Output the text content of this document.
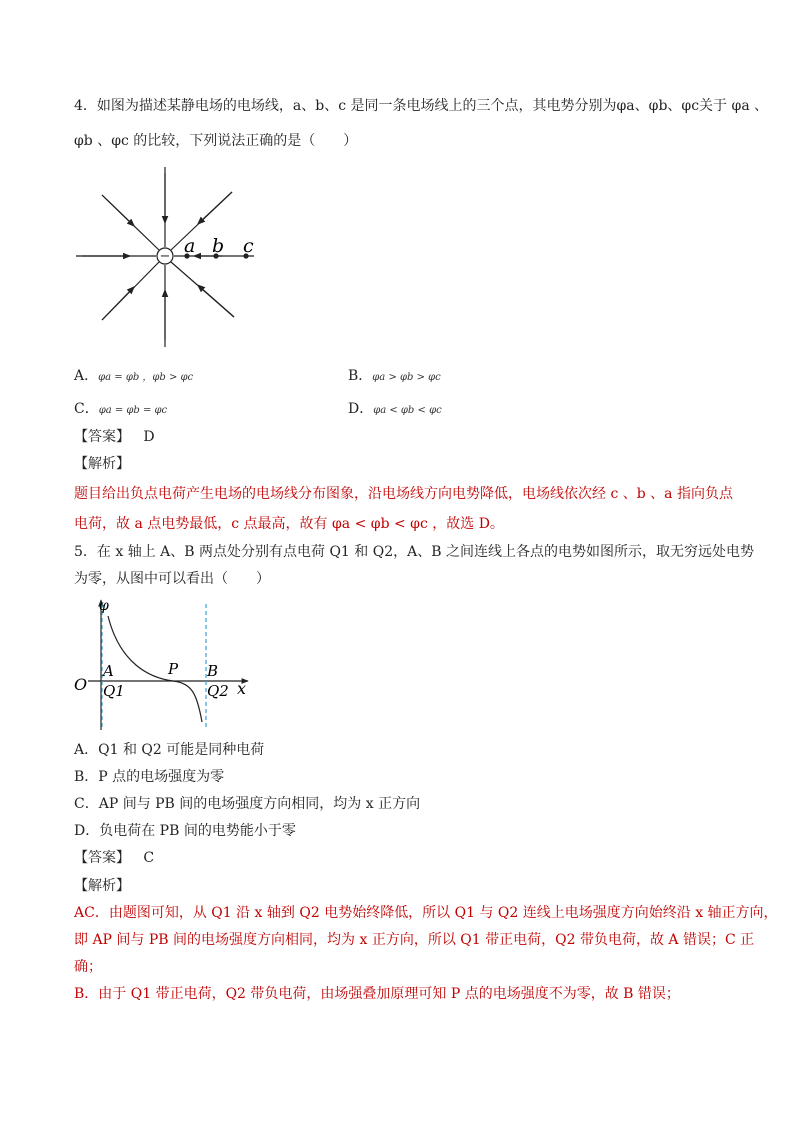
4．如图为描述某静电场的电场线，a、b、c 是同一条电场线上的三个点，其电势分别为φa、φb、φc关于 φa 、
φb 、φc 的比较，下列说法正确的是（　　）
− a b c
A．φa = φb ，φb > φc	B．φa > φb > φc
C．φa = φb = φc	D．φa < φb < φc
【答案】 D
【解析】
题目给出负点电荷产生电场的电场线分布图象，沿电场线方向电势降低，电场线依次经 c 、b 、a 指向负点
电荷，故 a 点电势最低，c 点最高，故有 φa < φb < φc ，故选 D。
5．在 x 轴上 A、B 两点处分别有点电荷 Q1 和 Q2，A、B 之间连线上各点的电势如图所示，取无穷远处电势
为零，从图中可以看出（　　）
φ
O	x
A	P B
Q1	Q2
A．Q1 和 Q2 可能是同种电荷
B．P 点的电场强度为零
C．AP 间与 PB 间的电场强度方向相同，均为 x 正方向
D．负电荷在 PB 间的电势能小于零
【答案】 C
【解析】
AC．由题图可知，从 Q1 沿 x 轴到 Q2 电势始终降低，所以 Q1 与 Q2 连线上电场强度方向始终沿 x 轴正方向，
即 AP 间与 PB 间的电场强度方向相同，均为 x 正方向，所以 Q1 带正电荷，Q2 带负电荷，故 A 错误；C 正
确；
B．由于 Q1 带正电荷，Q2 带负电荷，由场强叠加原理可知 P 点的电场强度不为零，故 B 错误；
